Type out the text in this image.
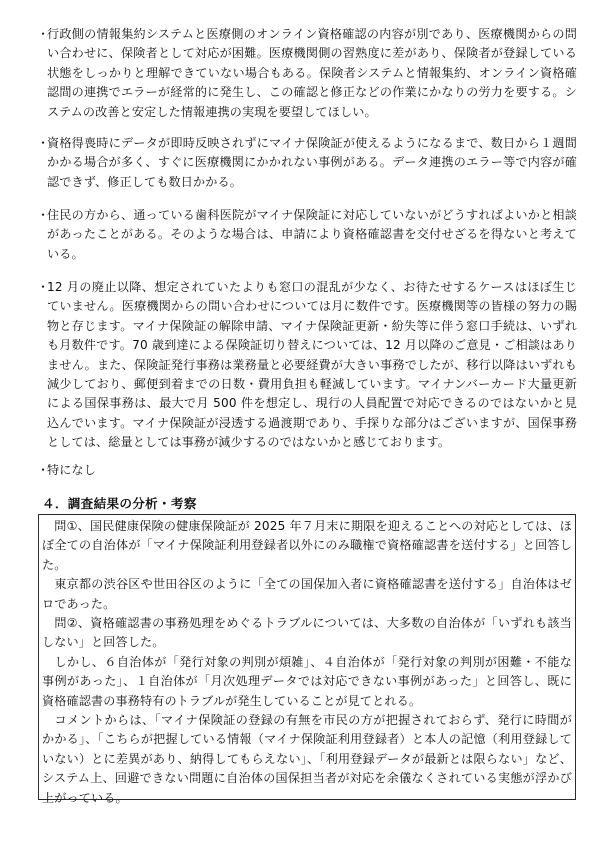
・
行政側の情報集約システムと医療側のオンライン資格確認の内容が別であり、医療機関からの問い合わせに、保険者として対応が困難。医療機関側の習熟度に差があり、保険者が登録している状態をしっかりと理解できていない場合もある。保険者システムと情報集約、オンライン資格確認間の連携でエラーが経常的に発生し、この確認と修正などの作業にかなりの労力を要する。システムの改善と安定した情報連携の実現を要望してほしい。
・
資格得喪時にデータが即時反映されずにマイナ保険証が使えるようになるまで、数日から１週間かかる場合が多く、すぐに医療機関にかかれない事例がある。データ連携のエラー等で内容が確認できず、修正しても数日かかる。
・
住民の方から、通っている歯科医院がマイナ保険証に対応していないがどうすればよいかと相談があったことがある。そのような場合は、申請により資格確認書を交付せざるを得ないと考えている。
・
12 月の廃止以降、想定されていたよりも窓口の混乱が少なく、お待たせするケースはほぼ生じていません。医療機関からの問い合わせについては月に数件です。医療機関等の皆様の努力の賜物と存じます。マイナ保険証の解除申請、マイナ保険証更新・紛失等に伴う窓口手続は、いずれも月数件です。70 歳到達による保険証切り替えについては、12 月以降のご意見・ご相談はありません。また、保険証発行事務は業務量と必要経費が大きい事務でしたが、移行以降はいずれも減少しており、郵便到着までの日数・費用負担も軽減しています。マイナンバーカード大量更新による国保事務は、最大で月 500 件を想定し、現行の人員配置で対応できるのではないかと見込んでいます。マイナ保険証が浸透する過渡期であり、手探りな部分はございますが、国保事務としては、総量としては事務が減少するのではないかと感じております。
・
特になし
４．調査結果の分析・考察

　問①、国民健康保険の健康保険証が 2025 年７月末に期限を迎えることへの対応としては、ほぼ全ての自治体が「マイナ保険証利用登録者以外にのみ職権で資格確認書を送付する」と回答した。

　東京都の渋谷区や世田谷区のように「全ての国保加入者に資格確認書を送付する」自治体はゼロであった。

　問②、資格確認書の事務処理をめぐるトラブルについては、大多数の自治体が「いずれも該当しない」と回答した。

　しかし、６自治体が「発行対象の判別が煩雑」、４自治体が「発行対象の判別が困難・不能な事例があった」、１自治体が「月次処理データでは対応できない事例があった」と回答し、既に資格確認書の事務特有のトラブルが発生していることが見てとれる。

　コメントからは、「マイナ保険証の登録の有無を市民の方が把握されておらず、発行に時間がかかる」、「こちらが把握している情報（マイナ保険証利用登録者）と本人の記憶（利用登録していない）とに差異があり、納得してもらえない」、「利用登録データが最新とは限らない」など、システム上、回避できない問題に自治体の国保担当者が対応を余儀なくされている実態が浮かび上がっている。
